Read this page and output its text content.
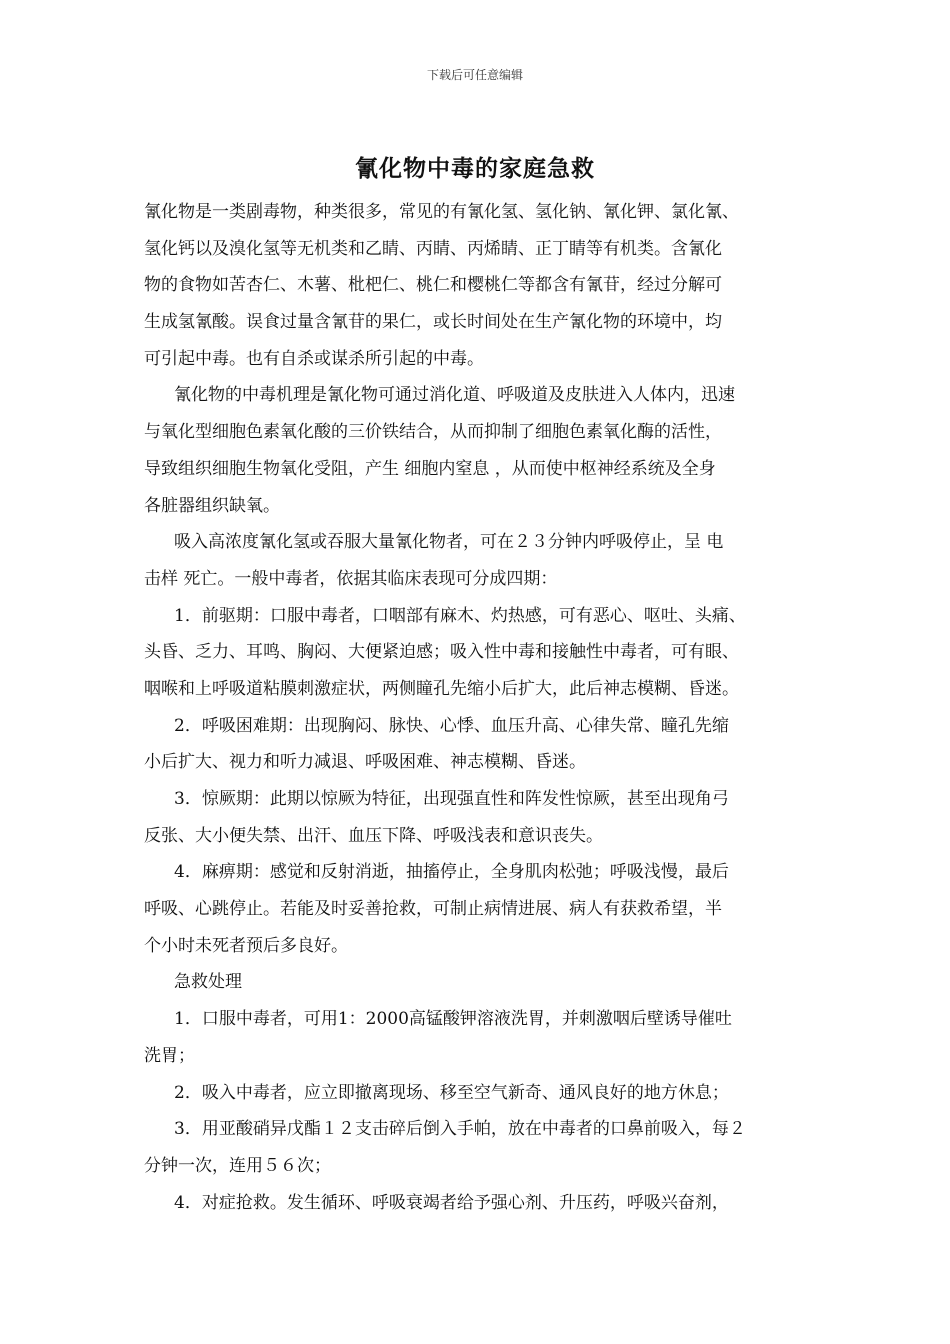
下载后可任意编辑
氰化物中毒的家庭急救
氰化物是一类剧毒物，种类很多，常见的有氰化氢、氢化钠、氰化钾、氯化氰、
氢化钙以及溴化氢等无机类和乙睛、丙睛、丙烯睛、正丁睛等有机类。含氰化
物的食物如苦杏仁、木薯、枇杷仁、桃仁和樱桃仁等都含有氰苷，经过分解可
生成氢氰酸。误食过量含氰苷的果仁，或长时间处在生产氰化物的环境中，均
可引起中毒。也有自杀或谋杀所引起的中毒。
氰化物的中毒机理是氰化物可通过消化道、呼吸道及皮肤进入人体内，迅速
与氧化型细胞色素氧化酸的三价铁结合，从而抑制了细胞色素氧化酶的活性，
导致组织细胞生物氧化受阻，产生 细胞内窒息 ，从而使中枢神经系统及全身
各脏器组织缺氧。
吸入高浓度氰化氢或吞服大量氰化物者，可在２３分钟内呼吸停止，呈 电
击样 死亡。一般中毒者，依据其临床表现可分成四期：
1．前驱期：口服中毒者，口咽部有麻木、灼热感，可有恶心、呕吐、头痛、
头昏、乏力、耳鸣、胸闷、大便紧迫感；吸入性中毒和接触性中毒者，可有眼、
咽喉和上呼吸道粘膜刺激症状，两侧瞳孔先缩小后扩大，此后神志模糊、昏迷。
2．呼吸困难期：出现胸闷、脉快、心悸、血压升高、心律失常、瞳孔先缩
小后扩大、视力和听力减退、呼吸困难、神志模糊、昏迷。
3．惊厥期：此期以惊厥为特征，出现强直性和阵发性惊厥，甚至出现角弓
反张、大小便失禁、出汗、血压下降、呼吸浅表和意识丧失。
4．麻痹期：感觉和反射消逝，抽搐停止，全身肌肉松弛；呼吸浅慢，最后
呼吸、心跳停止。若能及时妥善抢救，可制止病情进展、病人有获救希望，半
个小时未死者预后多良好。
急救处理
1．口服中毒者，可用1：2000高锰酸钾溶液洗胃，并刺激咽后壁诱导催吐
洗胃；
2．吸入中毒者，应立即撤离现场、移至空气新奇、通风良好的地方休息；
3．用亚酸硝异戊酯１２支击碎后倒入手帕，放在中毒者的口鼻前吸入，每２
分钟一次，连用５６次；
4．对症抢救。发生循环、呼吸衰竭者给予强心剂、升压药，呼吸兴奋剂，
